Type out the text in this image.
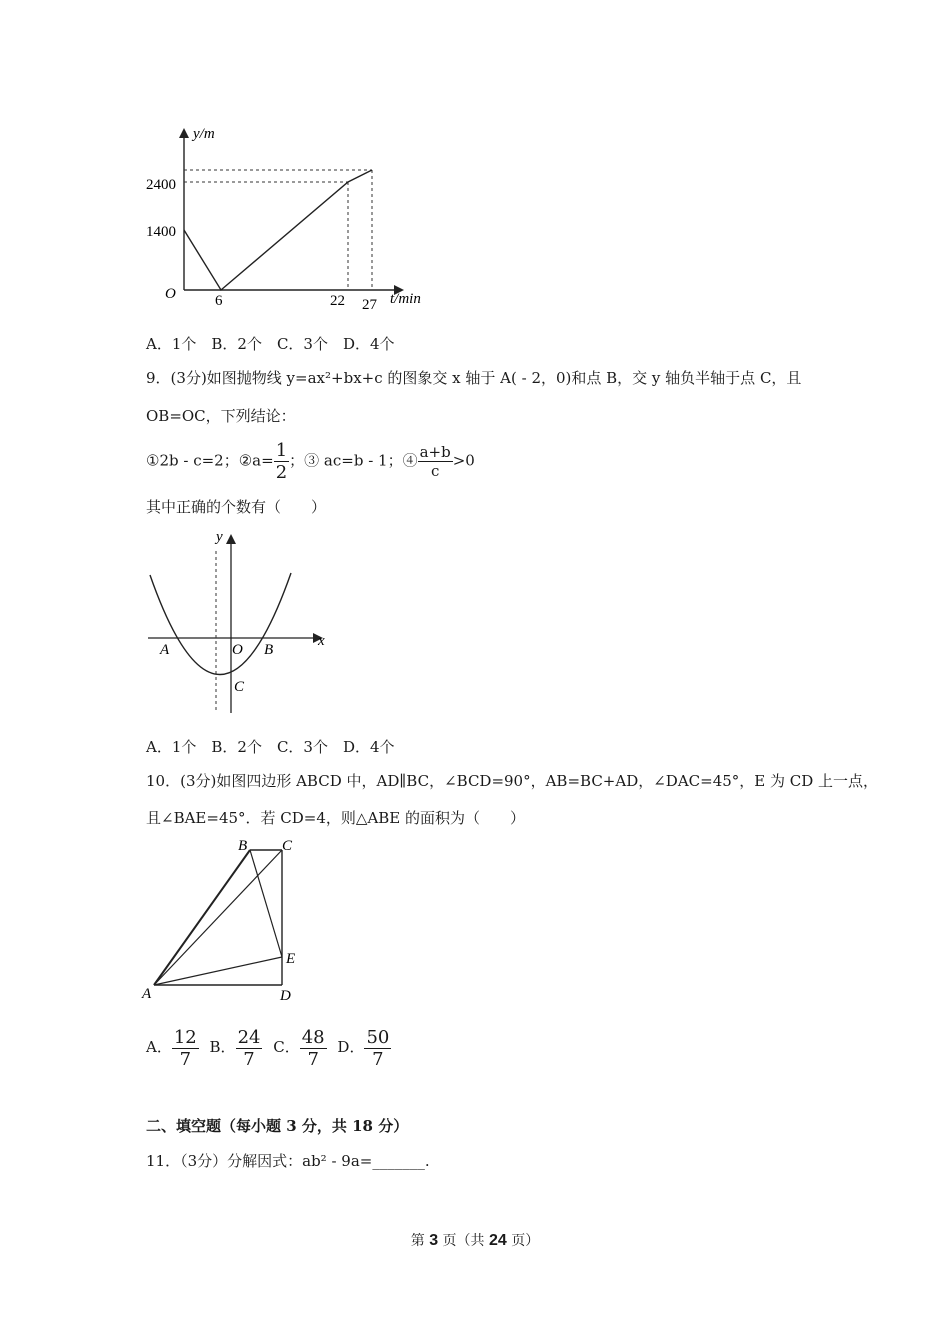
y/m
t/min
O
2400
1400
6	22 27
A．1个　B．2个　C．3个　D．4个
9．(3分)如图抛物线 y=ax²+bx+c 的图象交 x 轴于 A( ‑ 2，0)和点 B，交 y 轴负半轴于点 C，且
OB=OC，下列结论：
①2b ‑ c=2；②a= $\frac{1}{2}$ ；③ ac=b ‑ 1；④ $\frac{a+b}{c} >0$
其中正确的个数有（　　）
y
x
A	O B
C
A．1个　B．2个　C．3个　D．4个
10．(3分)如图四边形 ABCD 中，AD∥BC，∠BCD=90°，AB=BC+AD，∠DAC=45°，E 为 CD 上一点，
且∠BAE=45°．若 CD=4，则△ABE 的面积为（　　）
B C
E
A	D
A． $\frac{12}{7}$ B． $\frac{24}{7}$ C． $\frac{48}{7}$ D． $\frac{50}{7}$
二、填空题（每小题 3 分，共 18 分）
11．（3分）分解因式：ab² ‑ 9a=_______.
第 3 页（共 24 页）
